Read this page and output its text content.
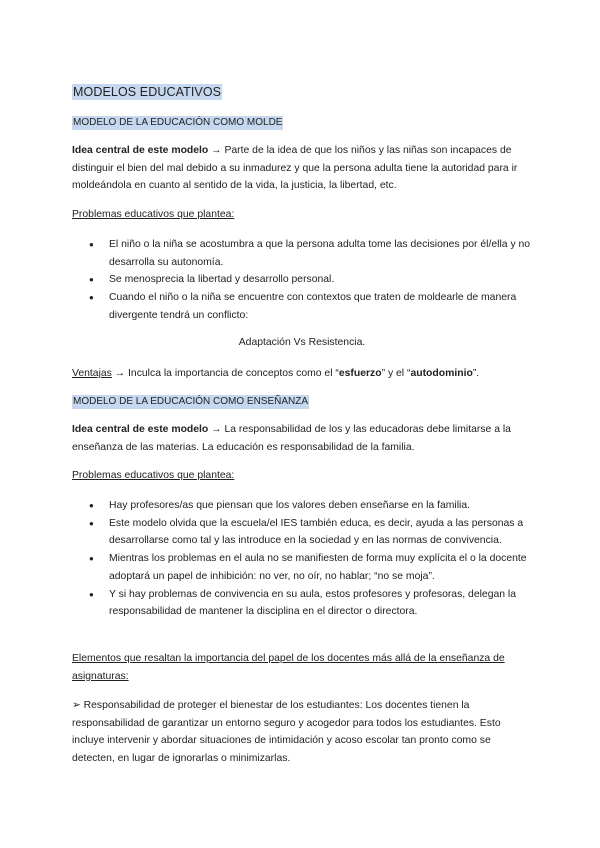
MODELOS EDUCATIVOS
MODELO DE LA EDUCACIÓN COMO MOLDE

Idea central de este modelo → Parte de la idea de que los niños y las niñas son incapaces de distinguir el bien del mal debido a su inmadurez y que la persona adulta tiene la autoridad para ir moldeándola en cuanto al sentido de la vida, la justicia, la libertad, etc.

Problemas educativos que plantea:
● El niño o la niña se acostumbra a que la persona adulta tome las decisiones por él/ella y no desarrolla su autonomía.
● Se menosprecia la libertad y desarrollo personal.
● Cuando el niño o la niña se encuentre con contextos que traten de moldearle de manera divergente tendrá un conflicto:
Adaptación Vs Resistencia.

Ventajas → Inculca la importancia de conceptos como el “esfuerzo” y el “autodominio”.

MODELO DE LA EDUCACIÓN COMO ENSEÑANZA

Idea central de este modelo → La responsabilidad de los y las educadoras debe limitarse a la enseñanza de las materias. La educación es responsabilidad de la familia.

Problemas educativos que plantea:
● Hay profesores/as que piensan que los valores deben enseñarse en la familia.
● Este modelo olvida que la escuela/el IES también educa, es decir, ayuda a las personas a desarrollarse como tal y las introduce en la sociedad y en las normas de convivencia.
● Mientras los problemas en el aula no se manifiesten de forma muy explícita el o la docente adoptará un papel de inhibición: no ver, no oír, no hablar; “no se moja”.
● Y si hay problemas de convivencia en su aula, estos profesores y profesoras, delegan la responsabilidad de mantener la disciplina en el director o directora.

Elementos que resaltan la importancia del papel de los docentes más allá de la enseñanza de asignaturas:

➢ Responsabilidad de proteger el bienestar de los estudiantes: Los docentes tienen la responsabilidad de garantizar un entorno seguro y acogedor para todos los estudiantes. Esto incluye intervenir y abordar situaciones de intimidación y acoso escolar tan pronto como se detecten, en lugar de ignorarlas o minimizarlas.
